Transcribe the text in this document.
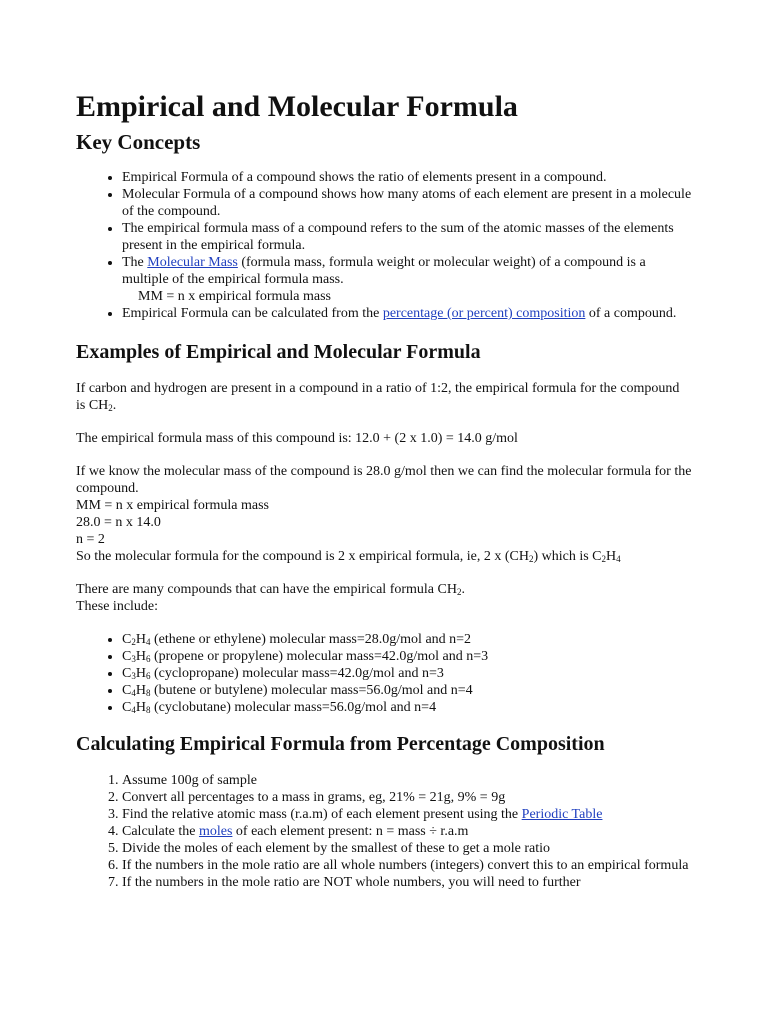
Empirical and Molecular Formula
Key Concepts
• Empirical Formula of a compound shows the ratio of elements present in a compound.
• Molecular Formula of a compound shows how many atoms of each element are present in a molecule of the compound.
• The empirical formula mass of a compound refers to the sum of the atomic masses of the elements present in the empirical formula.
• The Molecular Mass (formula mass, formula weight or molecular weight) of a compound is a multiple of the empirical formula mass.
MM = n x empirical formula mass
• Empirical Formula can be calculated from the percentage (or percent) composition of a compound.
Examples of Empirical and Molecular Formula

If carbon and hydrogen are present in a compound in a ratio of 1:2, the empirical formula for the compound is $CH_2$.

The empirical formula mass of this compound is: 12.0 + (2 x 1.0) = 14.0 g/mol

If we know the molecular mass of the compound is 28.0 g/mol then we can find the molecular formula for the compound.

MM = n x empirical formula mass

28.0 = n x 14.0

n = 2

So the molecular formula for the compound is 2 x empirical formula, ie, 2 x $(CH_2)$ which is $C_2H_4$

There are many compounds that can have the empirical formula $CH_2$.

These include:

• $C_2H_4$ (ethene or ethylene) molecular mass=28.0g/mol and n=2
• $C_3H_6$ (propene or propylene) molecular mass=42.0g/mol and n=3
• $C_3H_6$ (cyclopropane) molecular mass=42.0g/mol and n=3
• $C_4H_8$ (butene or butylene) molecular mass=56.0g/mol and n=4
• $C_4H_8$ (cyclobutane) molecular mass=56.0g/mol and n=4
Calculating Empirical Formula from Percentage Composition
1. Assume 100g of sample
2. Convert all percentages to a mass in grams, eg, 21% = 21g, 9% = 9g
3. Find the relative atomic mass (r.a.m) of each element present using the Periodic Table
4. Calculate the moles of each element present: n = mass ÷ r.a.m
5. Divide the moles of each element by the smallest of these to get a mole ratio
6. If the numbers in the mole ratio are all whole numbers (integers) convert this to an empirical formula
7. If the numbers in the mole ratio are NOT whole numbers, you will need to further
